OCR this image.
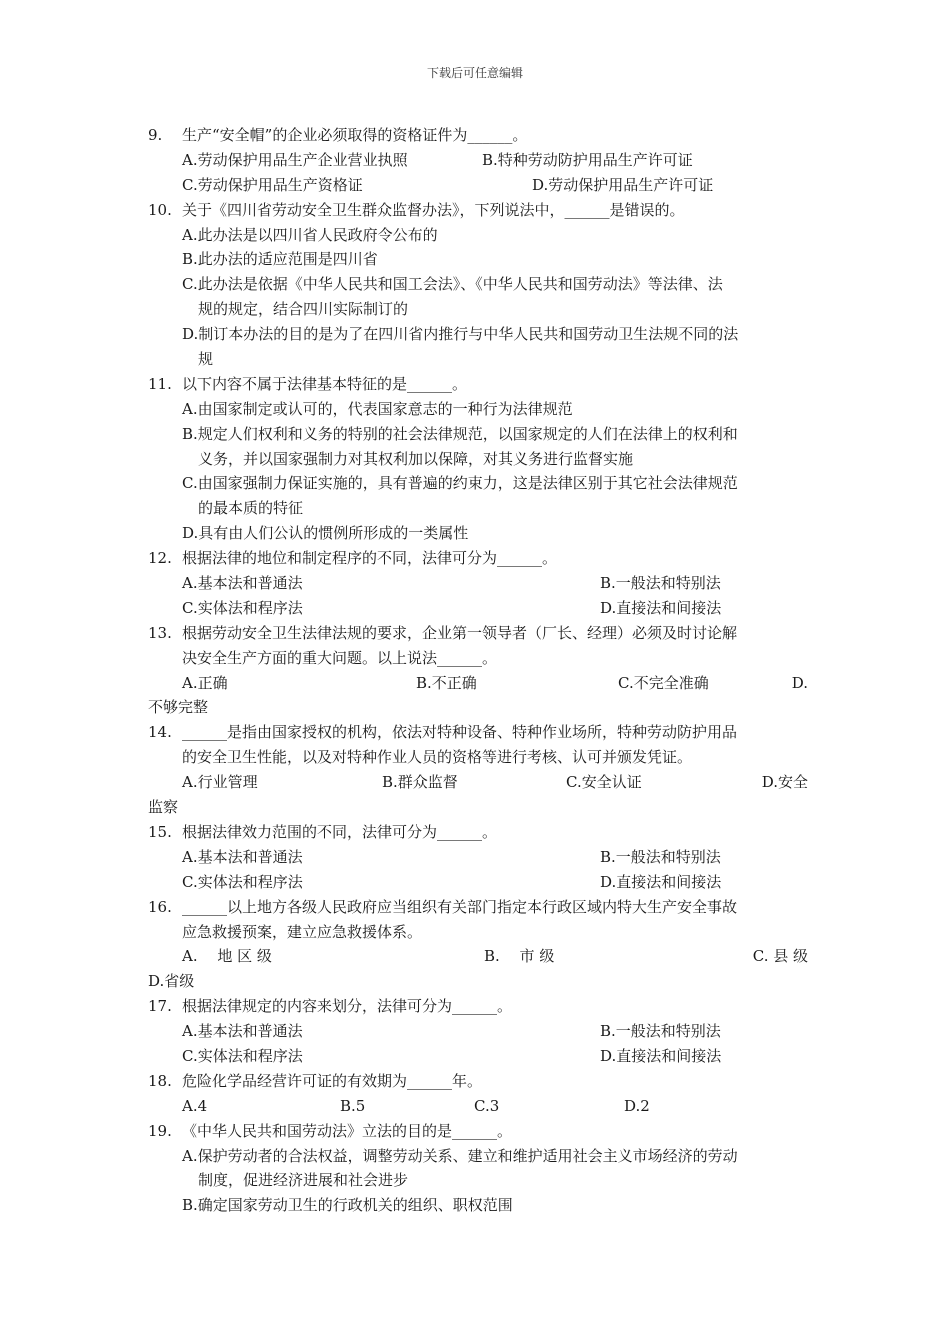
下载后可任意编辑
9. 生产“安全帽”的企业必须取得的资格证件为______。
A.劳动保护用品生产企业营业执照	B.特种劳动防护用品生产许可证
C.劳动保护用品生产资格证	D.劳动保护用品生产许可证
10. 关于《四川省劳动安全卫生群众监督办法》，下列说法中，______是错误的。
A.此办法是以四川省人民政府令公布的
B.此办法的适应范围是四川省
C.此办法是依据《中华人民共和国工会法》、《中华人民共和国劳动法》等法律、法
规的规定，结合四川实际制订的
D.制订本办法的目的是为了在四川省内推行与中华人民共和国劳动卫生法规不同的法
规
11. 以下内容不属于法律基本特征的是______。
A.由国家制定或认可的，代表国家意志的一种行为法律规范
B.规定人们权利和义务的特别的社会法律规范，以国家规定的人们在法律上的权利和
义务，并以国家强制力对其权利加以保障，对其义务进行监督实施
C.由国家强制力保证实施的，具有普遍的约束力，这是法律区别于其它社会法律规范
的最本质的特征
D.具有由人们公认的惯例所形成的一类属性
12. 根据法律的地位和制定程序的不同，法律可分为______。
A.基本法和普通法	B.一般法和特别法
C.实体法和程序法	D.直接法和间接法
13. 根据劳动安全卫生法律法规的要求，企业第一领导者（厂长、经理）必须及时讨论解
决安全生产方面的重大问题。以上说法______。
A.正确	B.不正确	C.不完全准确	D.
不够完整
14. ______是指由国家授权的机构，依法对特种设备、特种作业场所，特种劳动防护用品
的安全卫生性能，以及对特种作业人员的资格等进行考核、认可并颁发凭证。
A.行业管理	B.群众监督	C.安全认证	D.安全
监察
15. 根据法律效力范围的不同，法律可分为______。
A.基本法和普通法	B.一般法和特别法
C.实体法和程序法	D.直接法和间接法
16. ______以上地方各级人民政府应当组织有关部门指定本行政区域内特大生产安全事故
应急救援预案，建立应急救援体系。
A.　 地 区 级	B.　 市 级	C. 县 级
D.省级
17. 根据法律规定的内容来划分，法律可分为______。
A.基本法和普通法	B.一般法和特别法
C.实体法和程序法	D.直接法和间接法
18. 危险化学品经营许可证的有效期为______年。
A.4	B.5	C.3	D.2
19. 《中华人民共和国劳动法》立法的目的是______。
A.保护劳动者的合法权益，调整劳动关系、建立和维护适用社会主义市场经济的劳动
制度，促进经济进展和社会进步
B.确定国家劳动卫生的行政机关的组织、职权范围
